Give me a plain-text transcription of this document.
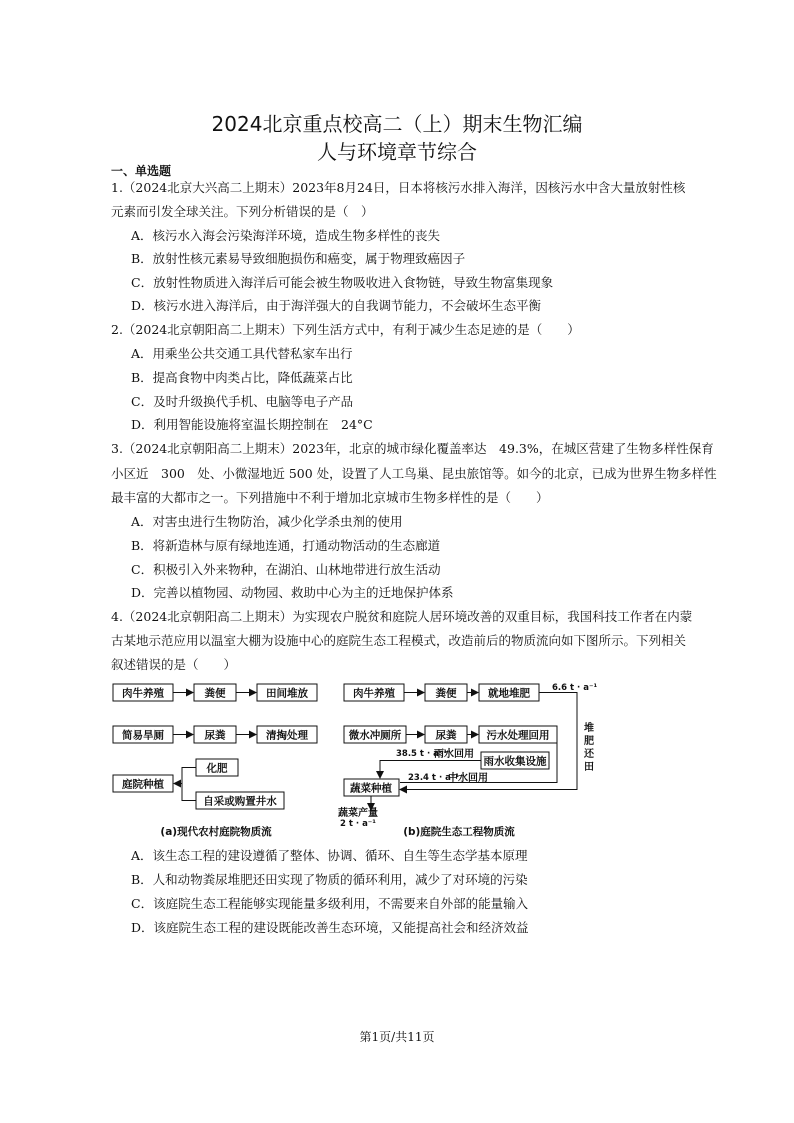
2024北京重点校高二（上）期末生物汇编
人与环境章节综合
一、单选题
1.（2024北京大兴高二上期末）2023年8月24日，日本将核污水排入海洋，因核污水中含大量放射性核
元素而引发全球关注。下列分析错误的是（　）
A．核污水入海会污染海洋环境，造成生物多样性的丧失
B．放射性核元素易导致细胞损伤和癌变，属于物理致癌因子
C．放射性物质进入海洋后可能会被生物吸收进入食物链，导致生物富集现象
D．核污水进入海洋后，由于海洋强大的自我调节能力，不会破坏生态平衡
2.（2024北京朝阳高二上期末）下列生活方式中，有利于减少生态足迹的是（　　）
A．用乘坐公共交通工具代替私家车出行
B．提高食物中肉类占比，降低蔬菜占比
C．及时升级换代手机、电脑等电子产品
D．利用智能设施将室温长期控制在　24°C
3.（2024北京朝阳高二上期末）2023年，北京的城市绿化覆盖率达　49.3%，在城区营建了生物多样性保育
小区近　300　处、小微湿地近 500 处，设置了人工鸟巢、昆虫旅馆等。如今的北京，已成为世界生物多样性
最丰富的大都市之一。下列措施中不利于增加北京城市生物多样性的是（　　）
A．对害虫进行生物防治，减少化学杀虫剂的使用
B．将新造林与原有绿地连通，打通动物活动的生态廊道
C．积极引入外来物种，在湖泊、山林地带进行放生活动
D．完善以植物园、动物园、救助中心为主的迁地保护体系
4.（2024北京朝阳高二上期末）为实现农户脱贫和庭院人居环境改善的双重目标，我国科技工作者在内蒙
古某地示范应用以温室大棚为设施中心的庭院生态工程模式，改造前后的物质流向如下图所示。下列相关
叙述错误的是（　　）
肉牛养殖	粪便	田间堆放
简易旱厕	尿粪	清掏处理
庭院种植
化肥
自采或购置井水
(a)现代农村庭院物质流
肉牛养殖	粪便	就地堆肥
微水冲厕所	尿粪	污水处理回用
雨水收集设施
蔬菜种植
(b)庭院生态工程物质流
6.6 t · a⁻¹
38.5 t · a⁻¹
23.4 t · a⁻¹
2 t · a⁻¹
雨水回用
中水回用
蔬菜产量
堆肥还田
A．该生态工程的建设遵循了整体、协调、循环、自生等生态学基本原理
B．人和动物粪尿堆肥还田实现了物质的循环利用，减少了对环境的污染
C．该庭院生态工程能够实现能量多级利用，不需要来自外部的能量输入
D．该庭院生态工程的建设既能改善生态环境，又能提高社会和经济效益
第1页/共11页
